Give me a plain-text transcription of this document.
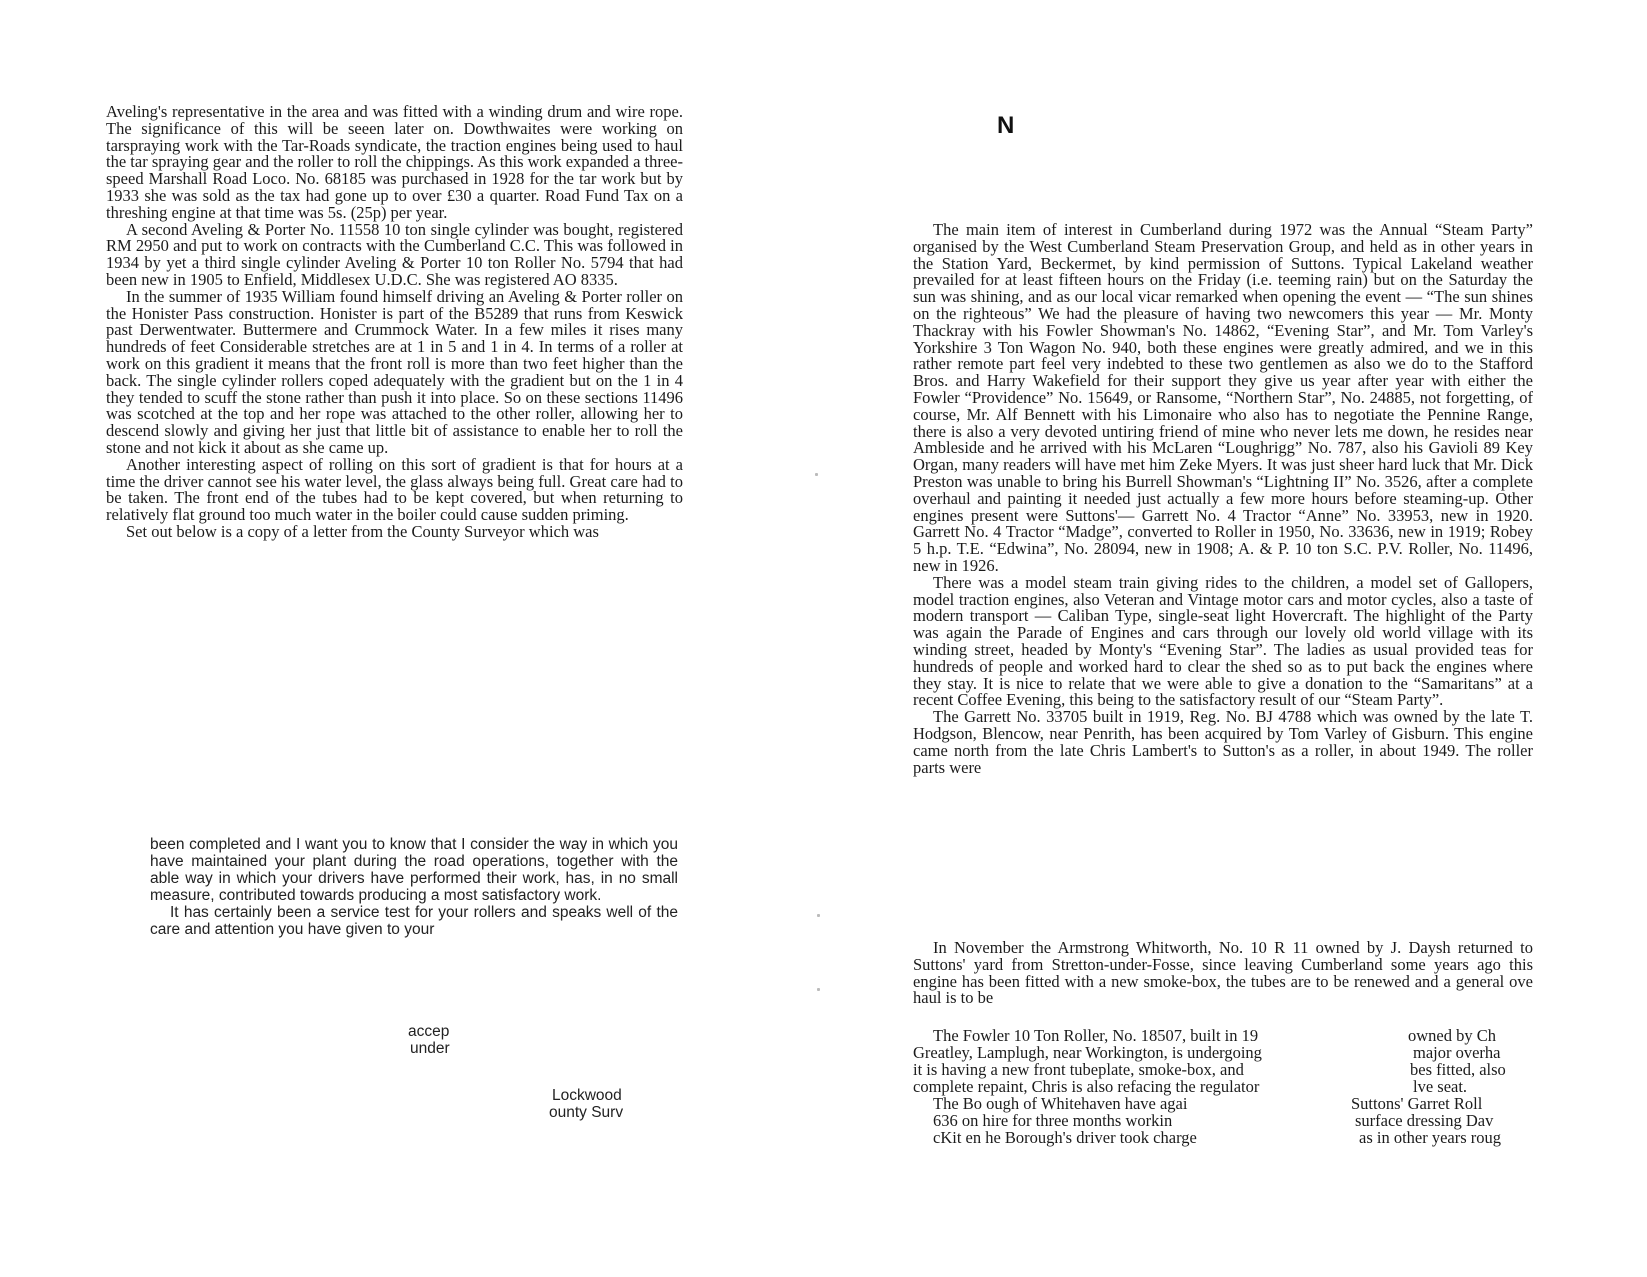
Aveling's representative in the area and was fitted with a winding drum and wire rope. The significance of this will be seeen later on. Dowthwaites were working on tarspraying work with the Tar-Roads syndicate, the traction engines being used to haul the tar spraying gear and the roller to roll the chippings. As this work expanded a three-speed Marshall Road Loco. No. 68185 was purchased in 1928 for the tar work but by 1933 she was sold as the tax had gone up to over £30 a quarter. Road Fund Tax on a threshing engine at that time was 5s. (25p) per year.

A second Aveling & Porter No. 11558 10 ton single cylinder was bought, registered RM 2950 and put to work on contracts with the Cumberland C.C. This was followed in 1934 by yet a third single cylinder Aveling & Porter 10 ton Roller No. 5794 that had been new in 1905 to Enfield, Middlesex U.D.C. She was registered AO 8335.

In the summer of 1935 William found himself driving an Aveling & Porter roller on the Honister Pass construction. Honister is part of the B5289 that runs from Keswick past Derwentwater. Buttermere and Crummock Water. In a few miles it rises many hundreds of feet Considerable stretches are at 1 in 5 and 1 in 4. In terms of a roller at work on this gradient it means that the front roll is more than two feet higher than the back. The single cylinder rollers coped adequately with the gradient but on the 1 in 4 they tended to scuff the stone rather than push it into place. So on these sections 11496 was scotched at the top and her rope was attached to the other roller, allowing her to descend slowly and giving her just that little bit of assistance to enable her to roll the stone and not kick it about as she came up.

Another interesting aspect of rolling on this sort of gradient is that for hours at a time the driver cannot see his water level, the glass always being full. Great care had to be taken. The front end of the tubes had to be kept covered, but when returning to relatively flat ground too much water in the boiler could cause sudden priming.

Set out below is a copy of a letter from the County Surveyor which was

been completed and I want you to know that I consider the way in which you have maintained your plant during the road operations, together with the able way in which your drivers have performed their work, has, in no small measure, contributed towards producing a most satisfactory work.

It has certainly been a service test for your rollers and speaks well of the care and attention you have given to your

accep
under
Lockwood
ounty Surv
N

The main item of interest in Cumberland during 1972 was the Annual “Steam Party” organised by the West Cumberland Steam Preservation Group, and held as in other years in the Station Yard, Beckermet, by kind permission of Suttons. Typical Lakeland weather prevailed for at least fifteen hours on the Friday (i.e. teeming rain) but on the Saturday the sun was shining, and as our local vicar remarked when opening the event — “The sun shines on the righteous” We had the pleasure of having two newcomers this year — Mr. Monty Thackray with his Fowler Showman's No. 14862, “Evening Star”, and Mr. Tom Varley's Yorkshire 3 Ton Wagon No. 940, both these engines were greatly admired, and we in this rather remote part feel very indebted to these two gentlemen as also we do to the Stafford Bros. and Harry Wakefield for their support they give us year after year with either the Fowler “Providence” No. 15649, or Ransome, “Northern Star”, No. 24885, not forgetting, of course, Mr. Alf Bennett with his Limonaire who also has to negotiate the Pennine Range, there is also a very devoted untiring friend of mine who never lets me down, he resides near Ambleside and he arrived with his McLaren “Loughrigg” No. 787, also his Gavioli 89 Key Organ, many readers will have met him Zeke Myers. It was just sheer hard luck that Mr. Dick Preston was unable to bring his Burrell Showman's “Lightning II” No. 3526, after a complete overhaul and painting it needed just actually a few more hours before steaming-up. Other engines present were Suttons'— Garrett No. 4 Tractor “Anne” No. 33953, new in 1920. Garrett No. 4 Tractor “Madge”, converted to Roller in 1950, No. 33636, new in 1919; Robey 5 h.p. T.E. “Edwina”, No. 28094, new in 1908; A. & P. 10 ton S.C. P.V. Roller, No. 11496, new in 1926.

There was a model steam train giving rides to the children, a model set of Gallopers, model traction engines, also Veteran and Vintage motor cars and motor cycles, also a taste of modern transport — Caliban Type, single-seat light Hovercraft. The highlight of the Party was again the Parade of Engines and cars through our lovely old world village with its winding street, headed by Monty's “Evening Star”. The ladies as usual provided teas for hundreds of people and worked hard to clear the shed so as to put back the engines where they stay. It is nice to relate that we were able to give a donation to the “Samaritans” at a recent Coffee Evening, this being to the satisfactory result of our “Steam Party”.

The Garrett No. 33705 built in 1919, Reg. No. BJ 4788 which was owned by the late T. Hodgson, Blencow, near Penrith, has been acquired by Tom Varley of Gisburn. This engine came north from the late Chris Lambert's to Sutton's as a roller, in about 1949. The roller parts were

In November the Armstrong Whitworth, No. 10 R 11 owned by J. Daysh returned to Suttons' yard from Stretton-under-Fosse, since leaving Cumberland some years ago this engine has been fitted with a new smoke-box, the tubes are to be renewed and a general ove haul is to be

The Fowler 10 Ton Roller, No. 18507, built in 19	owned by Ch
Greatley, Lamplugh, near Workington, is undergoing	major overha
it is having a new front tubeplate, smoke-box, and	bes fitted, also
complete repaint, Chris is also refacing the regulator	lve seat.
The Bo ough of Whitehaven have agai	Suttons' Garret Roll
636 on hire for three months workin	surface dressing Dav
cKit en he Borough's driver took charge	as in other years roug
